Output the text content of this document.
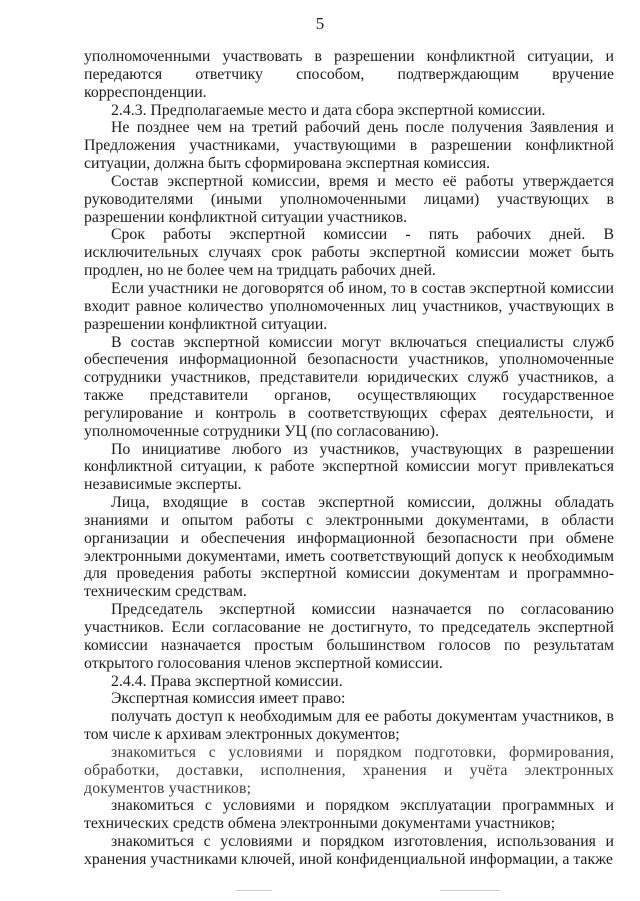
5

уполномоченными участвовать в разрешении конфликтной ситуации, и передаются ответчику способом, подтверждающим вручение корреспонденции.

2.4.3. Предполагаемые место и дата сбора экспертной комиссии.

Не позднее чем на третий рабочий день после получения Заявления и Предложения участниками, участвующими в разрешении конфликтной ситуации, должна быть сформирована экспертная комиссия.

Состав экспертной комиссии, время и место её работы утверждается руководителями (иными уполномоченными лицами) участвующих в разрешении конфликтной ситуации участников.

Срок работы экспертной комиссии - пять рабочих дней. В исключительных случаях срок работы экспертной комиссии может быть продлен, но не более чем на тридцать рабочих дней.

Если участники не договорятся об ином, то в состав экспертной комиссии входит равное количество уполномоченных лиц участников, участвующих в разрешении конфликтной ситуации.

В состав экспертной комиссии могут включаться специалисты служб обеспечения информационной безопасности участников, уполномоченные сотрудники участников, представители юридических служб участников, а также представители органов, осуществляющих государственное регулирование и контроль в соответствующих сферах деятельности, и уполномоченные сотрудники УЦ (по согласованию).

По инициативе любого из участников, участвующих в разрешении конфликтной ситуации, к работе экспертной комиссии могут привлекаться независимые эксперты.

Лица, входящие в состав экспертной комиссии, должны обладать знаниями и опытом работы с электронными документами, в области организации и обеспечения информационной безопасности при обмене электронными документами, иметь соответствующий допуск к необходимым для проведения работы экспертной комиссии документам и программно-техническим средствам.

Председатель экспертной комиссии назначается по согласованию участников. Если согласование не достигнуто, то председатель экспертной комиссии назначается простым большинством голосов по результатам открытого голосования членов экспертной комиссии.

2.4.4. Права экспертной комиссии.

Экспертная комиссия имеет право:

получать доступ к необходимым для ее работы документам участников, в том числе к архивам электронных документов;

знакомиться с условиями и порядком подготовки, формирования, обработки, доставки, исполнения, хранения и учёта электронных документов участников;

знакомиться с условиями и порядком эксплуатации программных и технических средств обмена электронными документами участников;

знакомиться с условиями и порядком изготовления, использования и хранения участниками ключей, иной конфиденциальной информации, а также
